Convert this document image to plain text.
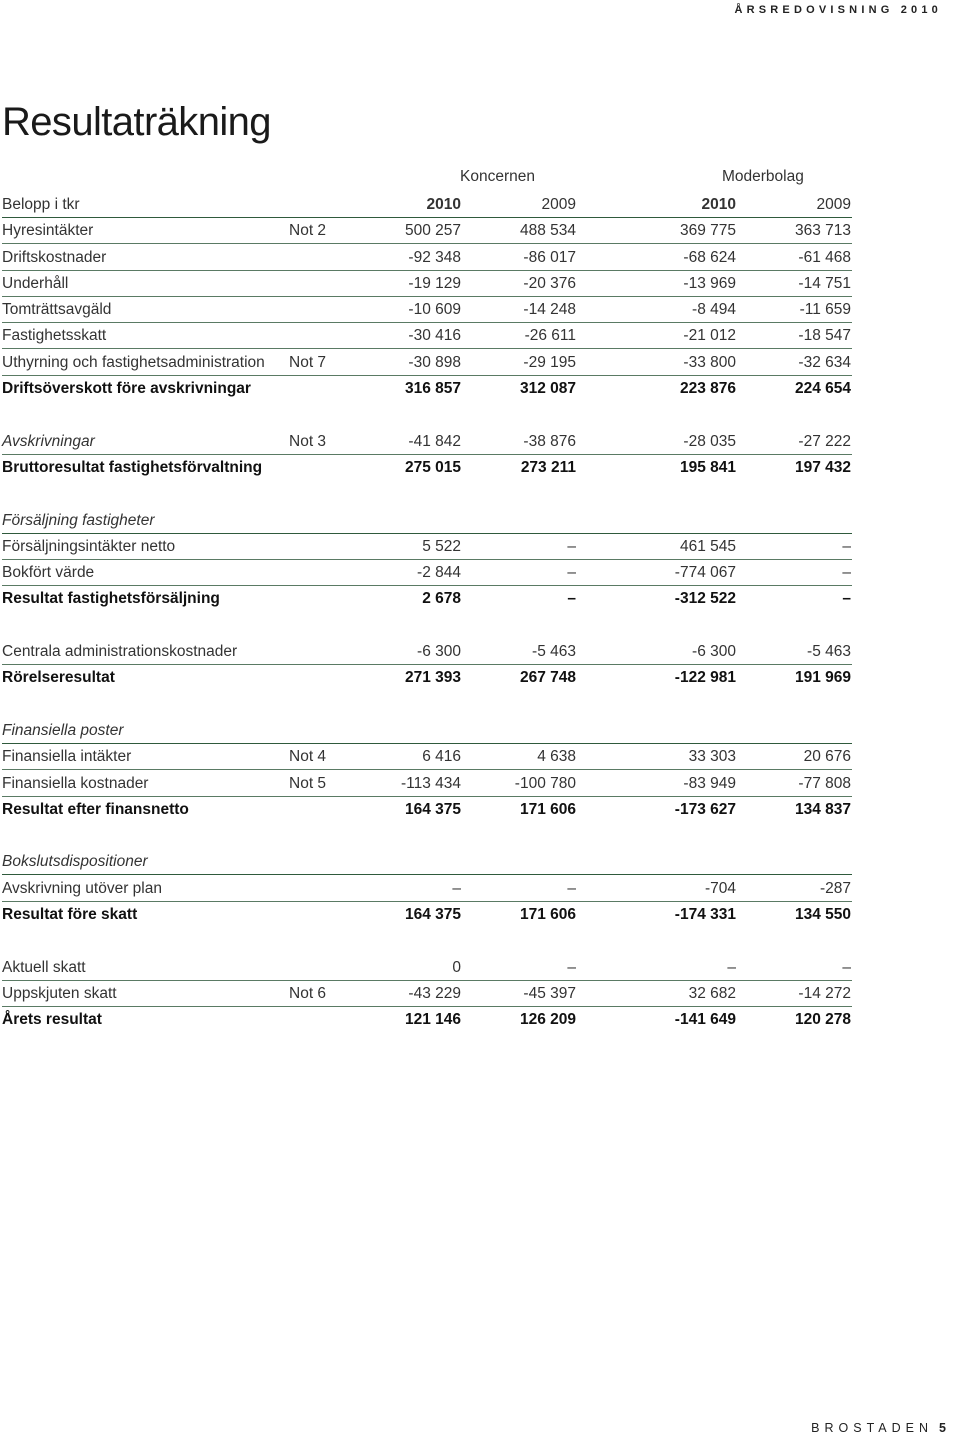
ÅRSREDOVISNING 2010
Resultaträkning
Koncernen	Moderbolag
Belopp i tkr	2010	2009	2010	2009
Hyresintäkter	Not 2	500 257	488 534	369 775	363 713
Driftskostnader	-92 348	-86 017	-68 624	-61 468
Underhåll	-19 129	-20 376	-13 969	-14 751
Tomträttsavgäld	-10 609	-14 248	-8 494	-11 659
Fastighetsskatt	-30 416	-26 611	-21 012	-18 547
Uthyrning och fastighetsadministration Not 7	-30 898	-29 195	-33 800	-32 634
Driftsöverskott före avskrivningar	316 857	312 087	223 876	224 654
Avskrivningar	Not 3	-41 842	-38 876	-28 035	-27 222
Bruttoresultat fastighetsförvaltning	275 015	273 211	195 841	197 432
Försäljning fastigheter
Försäljningsintäkter netto	5 522	–	461 545	–
Bokfört värde	-2 844	–	-774 067	–
Resultat fastighetsförsäljning	2 678	–	-312 522	–
Centrala administrationskostnader	-6 300	-5 463	-6 300	-5 463
Rörelseresultat	271 393	267 748	-122 981	191 969
Finansiella poster
Finansiella intäkter	Not 4	6 416	4 638	33 303	20 676
Finansiella kostnader	Not 5	-113 434	-100 780	-83 949	-77 808
Resultat efter finansnetto	164 375	171 606	-173 627	134 837
Bokslutsdispositioner
Avskrivning utöver plan	–	–	-704	-287
Resultat före skatt	164 375	171 606	-174 331	134 550
Aktuell skatt	0	–	–	–
Uppskjuten skatt	Not 6	-43 229	-45 397	32 682	-14 272
Årets resultat	121 146	126 209	-141 649	120 278
BROSTADEN 5
